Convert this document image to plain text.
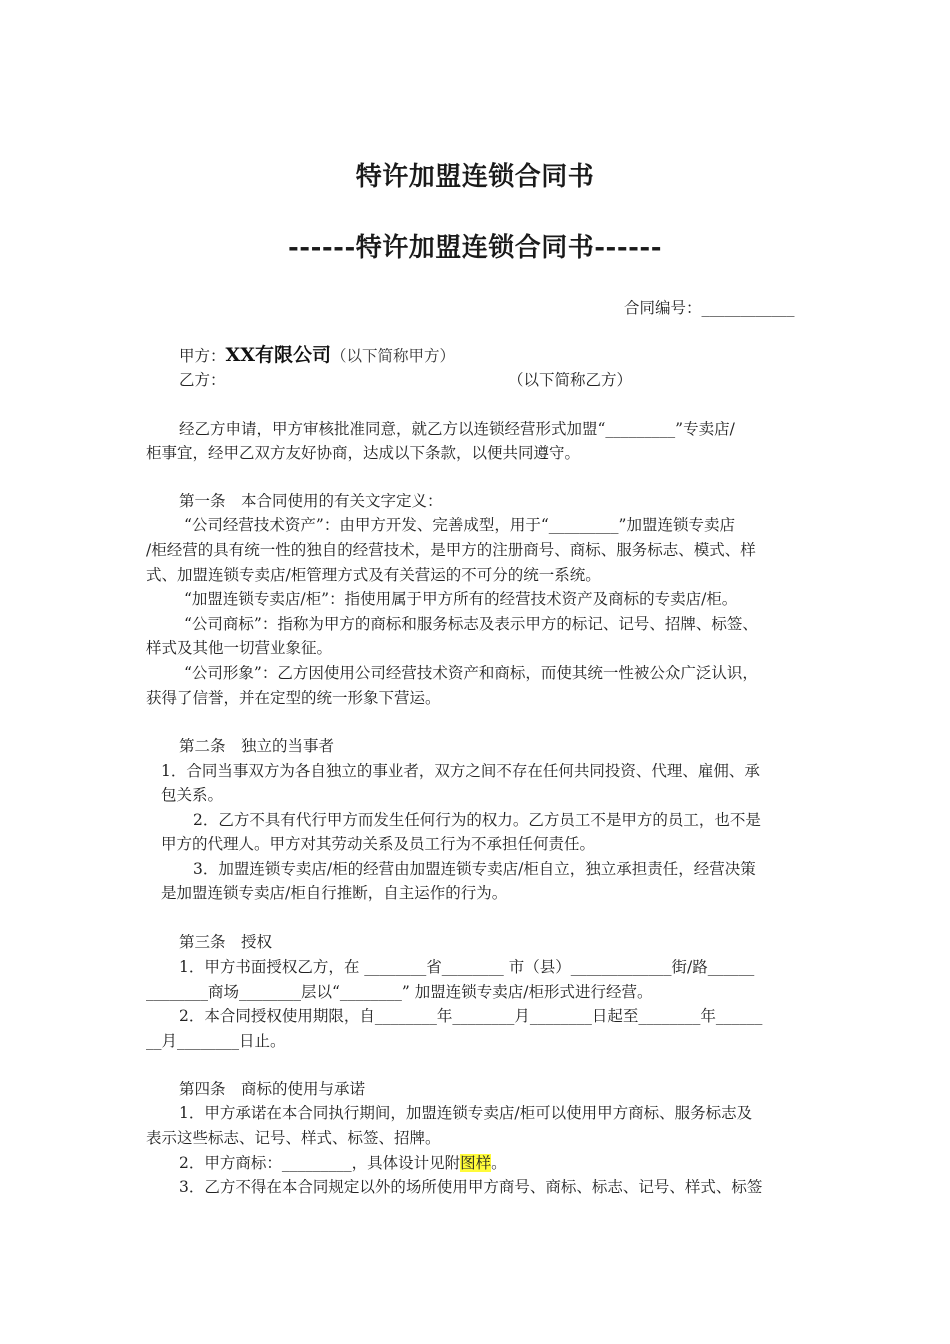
特许加盟连锁合同书
------特许加盟连锁合同书------
合同编号：____________
甲方：XX有限公司（以下简称甲方）
乙方：	（以下简称乙方）
经乙方申请，甲方审核批准同意，就乙方以连锁经营形式加盟“_________”专卖店/
柜事宜，经甲乙双方友好协商，达成以下条款，以便共同遵守。
第一条　本合同使用的有关文字定义：
“公司经营技术资产”：由甲方开发、完善成型，用于“_________”加盟连锁专卖店
/柜经营的具有统一性的独自的经营技术，是甲方的注册商号、商标、服务标志、模式、样
式、加盟连锁专卖店/柜管理方式及有关营运的不可分的统一系统。
“加盟连锁专卖店/柜”：指使用属于甲方所有的经营技术资产及商标的专卖店/柜。
“公司商标”：指称为甲方的商标和服务标志及表示甲方的标记、记号、招牌、标签、
样式及其他一切营业象征。
“公司形象”：乙方因使用公司经营技术资产和商标，而使其统一性被公众广泛认识，
获得了信誉，并在定型的统一形象下营运。
第二条　独立的当事者
1．合同当事双方为各自独立的事业者，双方之间不存在任何共同投资、代理、雇佣、承
包关系。
2．乙方不具有代行甲方而发生任何行为的权力。乙方员工不是甲方的员工，也不是
甲方的代理人。甲方对其劳动关系及员工行为不承担任何责任。
3．加盟连锁专卖店/柜的经营由加盟连锁专卖店/柜自立，独立承担责任，经营决策
是加盟连锁专卖店/柜自行推断，自主运作的行为。
第三条　授权
1．甲方书面授权乙方，在 ________省________ 市（县）_____________街/路______
________商场________层以“________” 加盟连锁专卖店/柜形式进行经营。
2．本合同授权使用期限，自________年________月________日起至________年______
__月________日止。
第四条　商标的使用与承诺
1．甲方承诺在本合同执行期间，加盟连锁专卖店/柜可以使用甲方商标、服务标志及
表示这些标志、记号、样式、标签、招牌。
2．甲方商标：_________，具体设计见附图样。
3．乙方不得在本合同规定以外的场所使用甲方商号、商标、标志、记号、样式、标签
